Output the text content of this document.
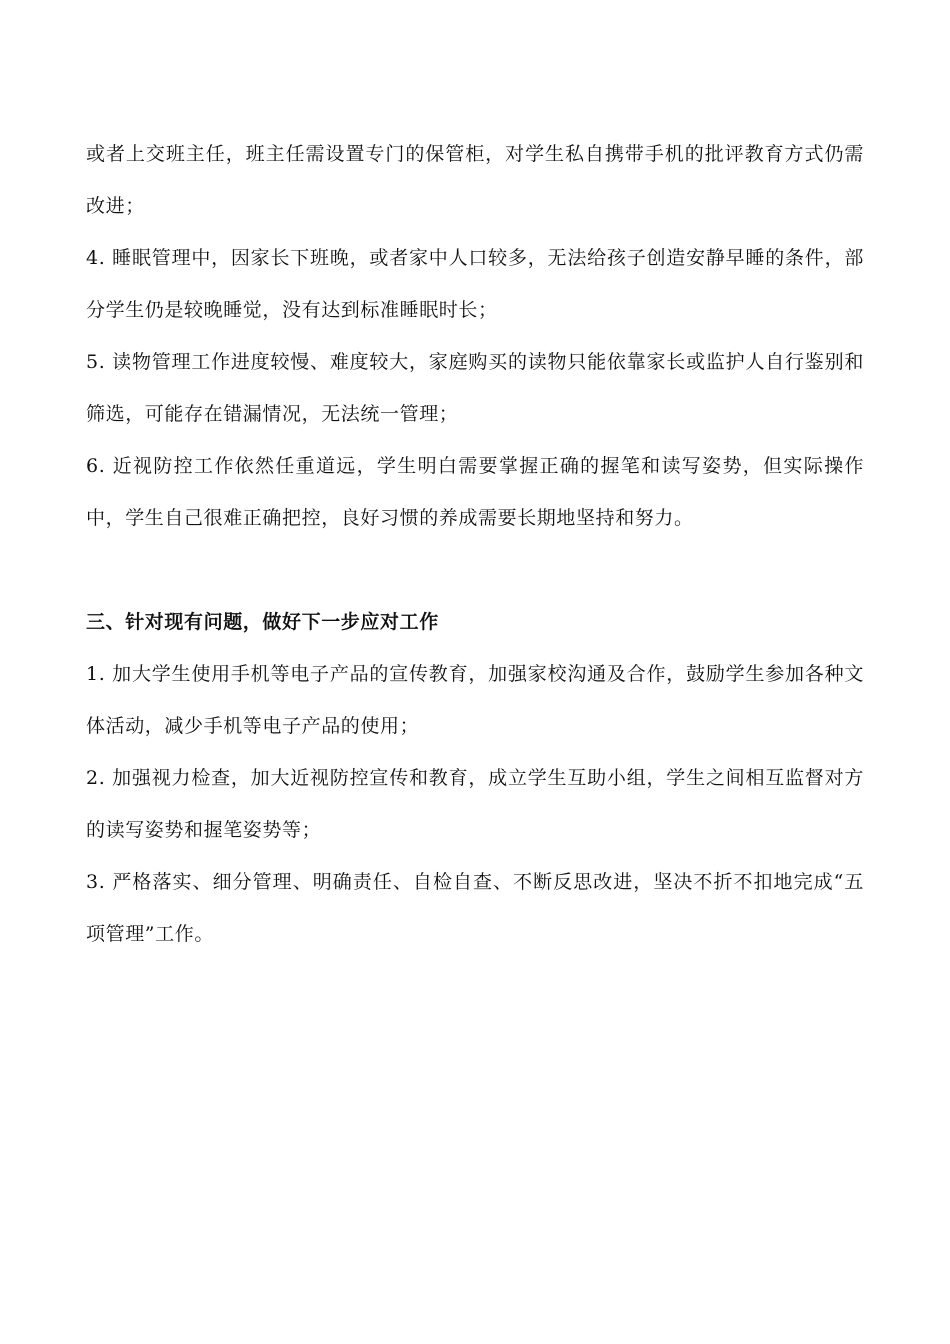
或者上交班主任，班主任需设置专门的保管柜，对学生私自携带手机的批评教育方式仍需改进；

4. 睡眠管理中，因家长下班晚，或者家中人口较多，无法给孩子创造安静早睡的条件，部分学生仍是较晚睡觉，没有达到标准睡眠时长；

5. 读物管理工作进度较慢、难度较大，家庭购买的读物只能依靠家长或监护人自行鉴别和筛选，可能存在错漏情况，无法统一管理；

6. 近视防控工作依然任重道远，学生明白需要掌握正确的握笔和读写姿势，但实际操作中，学生自己很难正确把控，良好习惯的养成需要长期地坚持和努力。

三、针对现有问题，做好下一步应对工作

1. 加大学生使用手机等电子产品的宣传教育，加强家校沟通及合作，鼓励学生参加各种文体活动，减少手机等电子产品的使用；

2. 加强视力检查，加大近视防控宣传和教育，成立学生互助小组，学生之间相互监督对方的读写姿势和握笔姿势等；

3. 严格落实、细分管理、明确责任、自检自查、不断反思改进，坚决不折不扣地完成“五项管理”工作。
